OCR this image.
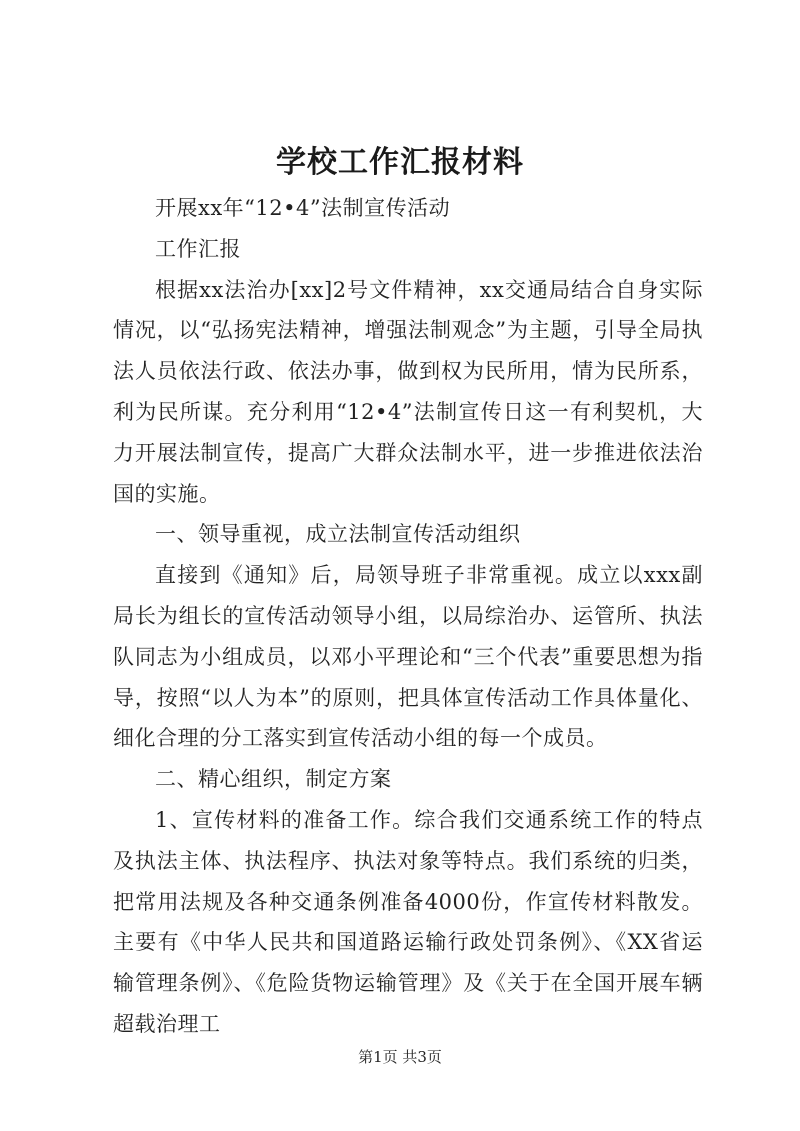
学校工作汇报材料

开展xx年“12•4”法制宣传活动

工作汇报

根据xx法治办[xx]2号文件精神，xx交通局结合自身实际情况，以“弘扬宪法精神，增强法制观念”为主题，引导全局执法人员依法行政、依法办事，做到权为民所用，情为民所系，利为民所谋。充分利用“12•4”法制宣传日这一有利契机，大力开展法制宣传，提高广大群众法制水平，进一步推进依法治国的实施。

一、领导重视，成立法制宣传活动组织

直接到《通知》后，局领导班子非常重视。成立以xxx副局长为组长的宣传活动领导小组，以局综治办、运管所、执法队同志为小组成员，以邓小平理论和“三个代表”重要思想为指导，按照“以人为本”的原则，把具体宣传活动工作具体量化、细化合理的分工落实到宣传活动小组的每一个成员。

二、精心组织，制定方案

1、宣传材料的准备工作。综合我们交通系统工作的特点及执法主体、执法程序、执法对象等特点。我们系统的归类，把常用法规及各种交通条例准备4000份，作宣传材料散发。主要有《中华人民共和国道路运输行政处罚条例》、《XX省运输管理条例》、《危险货物运输管理》及《关于在全国开展车辆超载治理工

第1页 共3页
